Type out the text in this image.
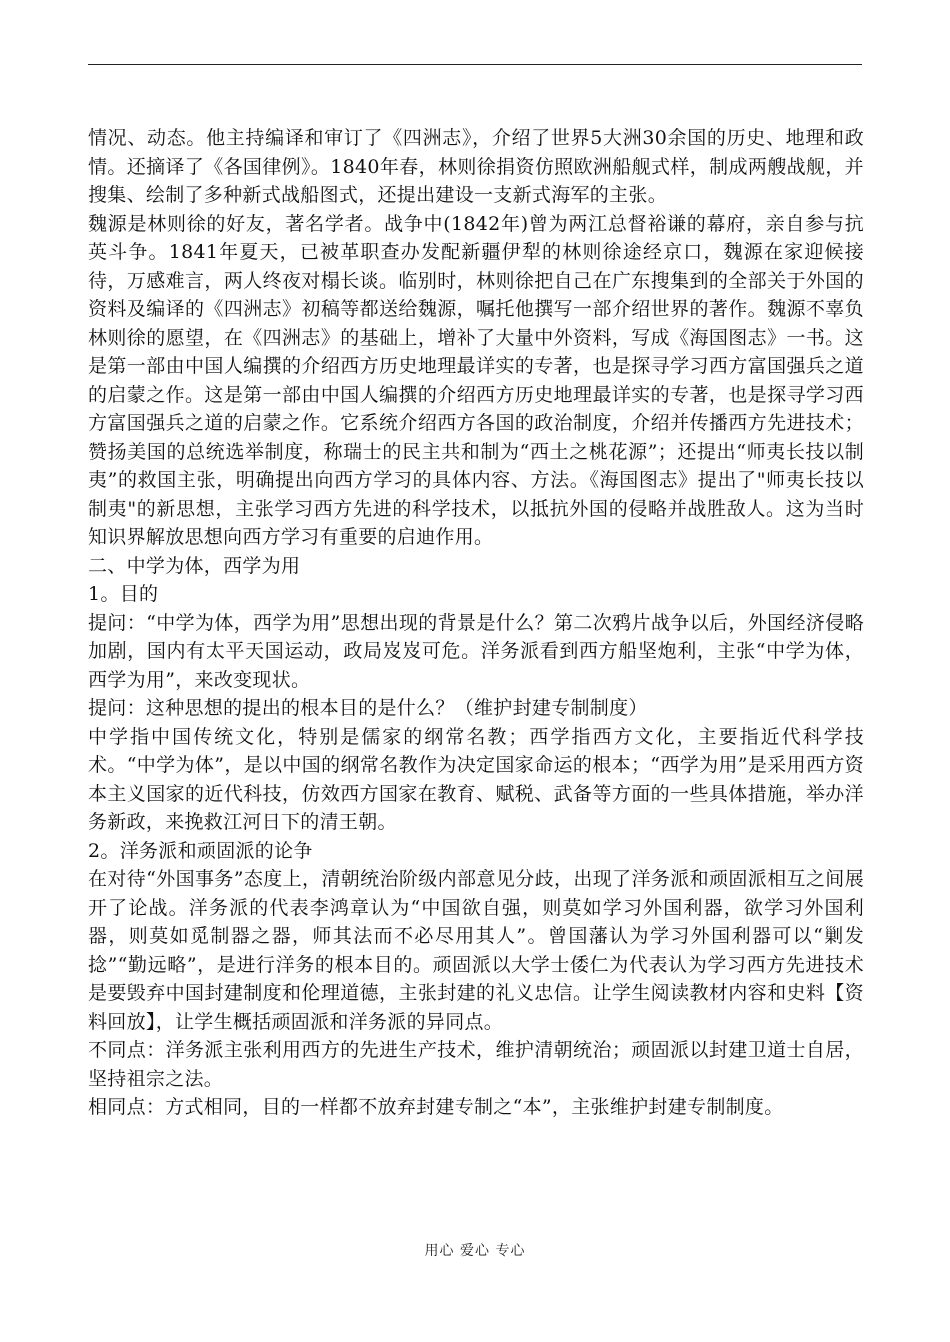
情况、动态。他主持编译和审订了《四洲志》，介绍了世界5大洲30余国的历史、地理和政情。还摘译了《各国律例》。1840年春，林则徐捐资仿照欧洲船舰式样，制成两艘战舰，并搜集、绘制了多种新式战船图式，还提出建设一支新式海军的主张。

魏源是林则徐的好友，著名学者。战争中(1842年)曾为两江总督裕谦的幕府，亲自参与抗英斗争。1841年夏天，已被革职查办发配新疆伊犁的林则徐途经京口，魏源在家迎候接待，万感难言，两人终夜对榻长谈。临别时，林则徐把自己在广东搜集到的全部关于外国的资料及编译的《四洲志》初稿等都送给魏源，嘱托他撰写一部介绍世界的著作。魏源不辜负林则徐的愿望，在《四洲志》的基础上，增补了大量中外资料，写成《海国图志》一书。这是第一部由中国人编撰的介绍西方历史地理最详实的专著，也是探寻学习西方富国强兵之道的启蒙之作。这是第一部由中国人编撰的介绍西方历史地理最详实的专著，也是探寻学习西方富国强兵之道的启蒙之作。它系统介绍西方各国的政治制度，介绍并传播西方先进技术；赞扬美国的总统选举制度，称瑞士的民主共和制为“西土之桃花源”；还提出“师夷长技以制夷”的救国主张，明确提出向西方学习的具体内容、方法。《海国图志》提出了"师夷长技以制夷"的新思想，主张学习西方先进的科学技术，以抵抗外国的侵略并战胜敌人。这为当时知识界解放思想向西方学习有重要的启迪作用。

二、中学为体，西学为用

1。目的

提问：“中学为体，西学为用”思想出现的背景是什么？第二次鸦片战争以后，外国经济侵略加剧，国内有太平天国运动，政局岌岌可危。洋务派看到西方船坚炮利，主张“中学为体，西学为用”，来改变现状。

提问：这种思想的提出的根本目的是什么？（维护封建专制制度）

中学指中国传统文化，特别是儒家的纲常名教；西学指西方文化，主要指近代科学技术。“中学为体”，是以中国的纲常名教作为决定国家命运的根本；“西学为用”是采用西方资本主义国家的近代科技，仿效西方国家在教育、赋税、武备等方面的一些具体措施，举办洋务新政，来挽救江河日下的清王朝。

2。洋务派和顽固派的论争

在对待“外国事务”态度上，清朝统治阶级内部意见分歧，出现了洋务派和顽固派相互之间展开了论战。洋务派的代表李鸿章认为“中国欲自强，则莫如学习外国利器，欲学习外国利器，则莫如觅制器之器，师其法而不必尽用其人”。曾国藩认为学习外国利器可以“剿发捻”“勤远略”，是进行洋务的根本目的。顽固派以大学士倭仁为代表认为学习西方先进技术是要毁弃中国封建制度和伦理道德，主张封建的礼义忠信。让学生阅读教材内容和史料【资料回放】，让学生概括顽固派和洋务派的异同点。

不同点：洋务派主张利用西方的先进生产技术，维护清朝统治；顽固派以封建卫道士自居，坚持祖宗之法。

相同点：方式相同，目的一样都不放弃封建专制之“本”，主张维护封建专制制度。

用心 爱心 专心
